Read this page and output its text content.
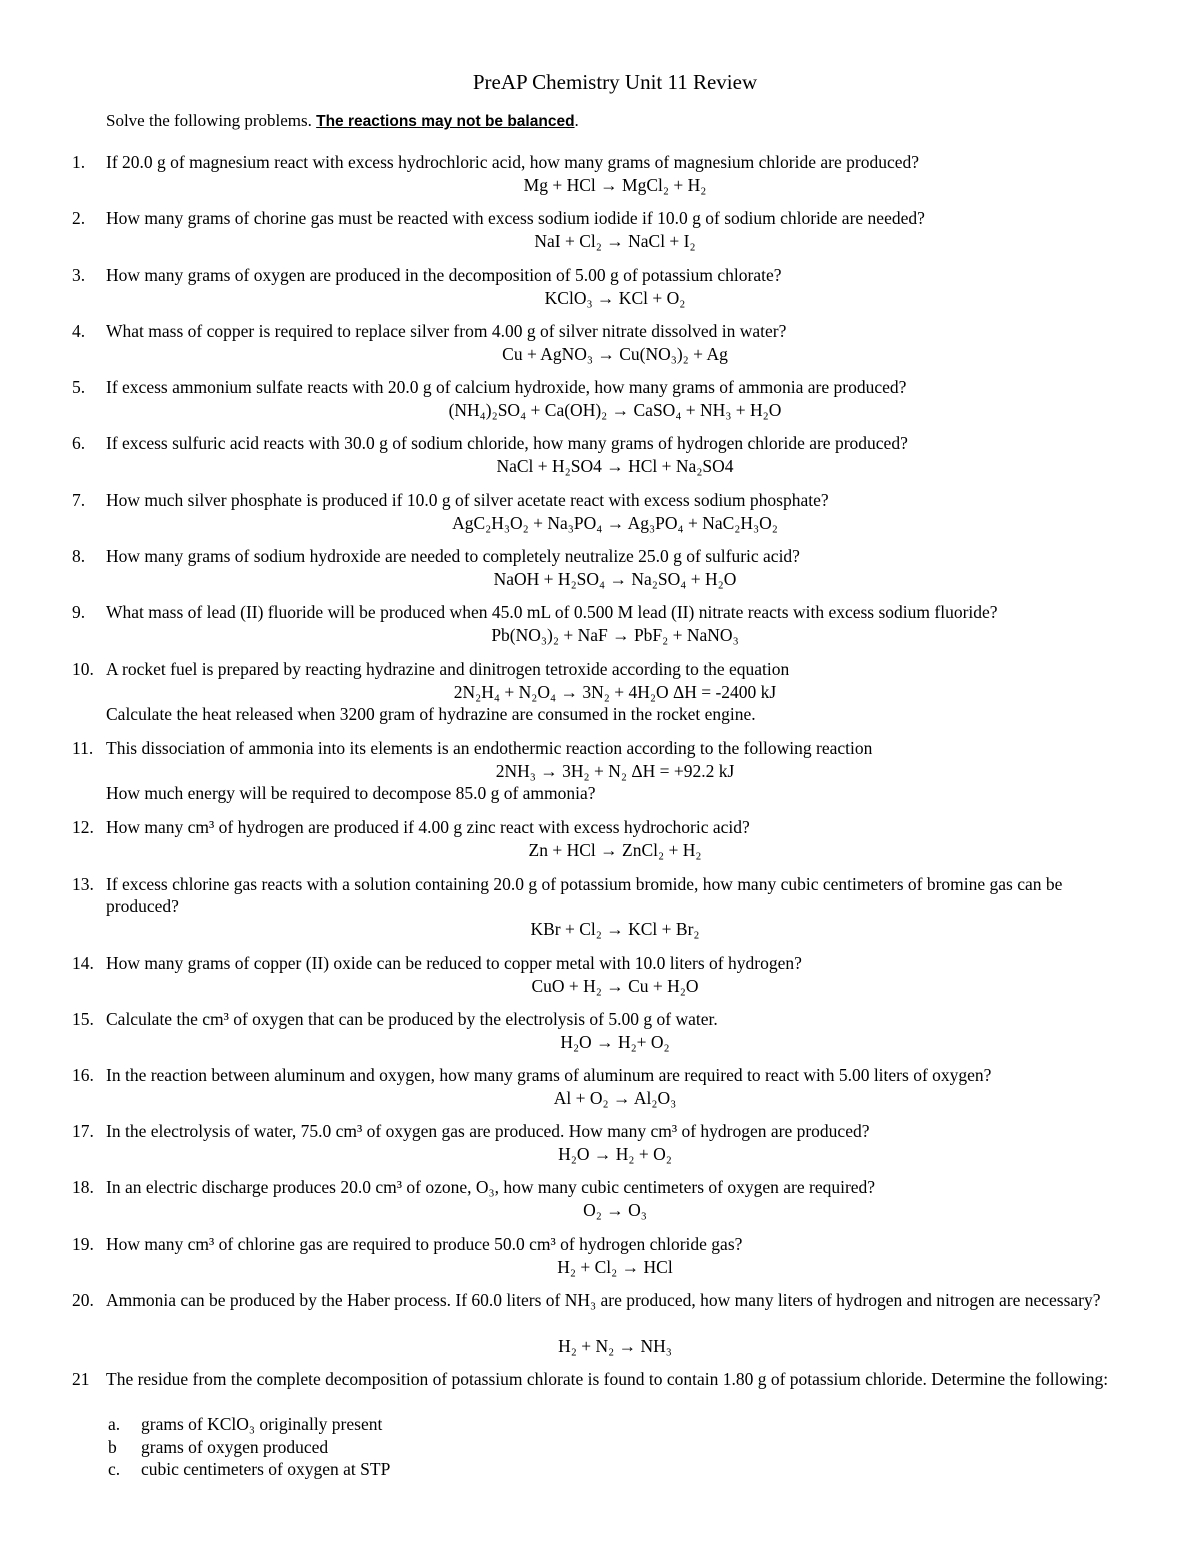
PreAP Chemistry Unit 11 Review
Solve the following problems. The reactions may not be balanced.
1. If 20.0 g of magnesium react with excess hydrochloric acid, how many grams of magnesium chloride are produced?
Mg + HCl → MgCl₂ + H₂
2. How many grams of chorine gas must be reacted with excess sodium iodide if 10.0 g of sodium chloride are needed?
NaI + Cl₂ → NaCl + I₂
3. How many grams of oxygen are produced in the decomposition of 5.00 g of potassium chlorate?
KClO₃ → KCl + O₂
4. What mass of copper is required to replace silver from 4.00 g of silver nitrate dissolved in water?
Cu + AgNO₃ → Cu(NO₃)₂ + Ag
5. If excess ammonium sulfate reacts with 20.0 g of calcium hydroxide, how many grams of ammonia are produced?
(NH₄)₂SO₄ + Ca(OH)₂ → CaSO₄ + NH₃ + H₂O
6. If excess sulfuric acid reacts with 30.0 g of sodium chloride, how many grams of hydrogen chloride are produced?
NaCl + H₂SO4 → HCl + Na₂SO4
7. How much silver phosphate is produced if 10.0 g of silver acetate react with excess sodium phosphate?
AgC₂H₃O₂ + Na₃PO₄ → Ag₃PO₄ + NaC₂H₃O₂
8. How many grams of sodium hydroxide are needed to completely neutralize 25.0 g of sulfuric acid?
NaOH + H₂SO₄ → Na₂SO₄ + H₂O
9. What mass of lead (II) fluoride will be produced when 45.0 mL of 0.500 M lead (II) nitrate reacts with excess sodium fluoride?
Pb(NO₃)₂ + NaF → PbF₂ + NaNO₃
10. A rocket fuel is prepared by reacting hydrazine and dinitrogen tetroxide according to the equation
2N₂H₄ + N₂O₄ → 3N₂ + 4H₂O ΔH = -2400 kJ
Calculate the heat released when 3200 gram of hydrazine are consumed in the rocket engine.
11. This dissociation of ammonia into its elements is an endothermic reaction according to the following reaction
2NH₃ → 3H₂ + N₂ ΔH = +92.2 kJ
How much energy will be required to decompose 85.0 g of ammonia?
12. How many cm³ of hydrogen are produced if 4.00 g zinc react with excess hydrochoric acid?
Zn + HCl → ZnCl₂ + H₂
13. If excess chlorine gas reacts with a solution containing 20.0 g of potassium bromide, how many cubic centimeters of bromine gas can be produced?
KBr + Cl₂ → KCl + Br₂
14. How many grams of copper (II) oxide can be reduced to copper metal with 10.0 liters of hydrogen?
CuO + H₂ → Cu + H₂O
15. Calculate the cm³ of oxygen that can be produced by the electrolysis of 5.00 g of water.
H₂O → H₂+ O₂
16. In the reaction between aluminum and oxygen, how many grams of aluminum are required to react with 5.00 liters of oxygen?
Al + O₂ → Al₂O₃
17. In the electrolysis of water, 75.0 cm³ of oxygen gas are produced. How many cm³ of hydrogen are produced?
H₂O → H₂ + O₂
18. In an electric discharge produces 20.0 cm³ of ozone, O₃, how many cubic centimeters of oxygen are required?
O₂ → O₃
19. How many cm³ of chlorine gas are required to produce 50.0 cm³ of hydrogen chloride gas?
H₂ + Cl₂ → HCl
20. Ammonia can be produced by the Haber process. If 60.0 liters of NH₃ are produced, how many liters of hydrogen and nitrogen are necessary?
H₂ + N₂ → NH₃
21 The residue from the complete decomposition of potassium chlorate is found to contain 1.80 g of potassium chloride. Determine the following:
a. grams of KClO₃ originally present
b grams of oxygen produced
c. cubic centimeters of oxygen at STP
